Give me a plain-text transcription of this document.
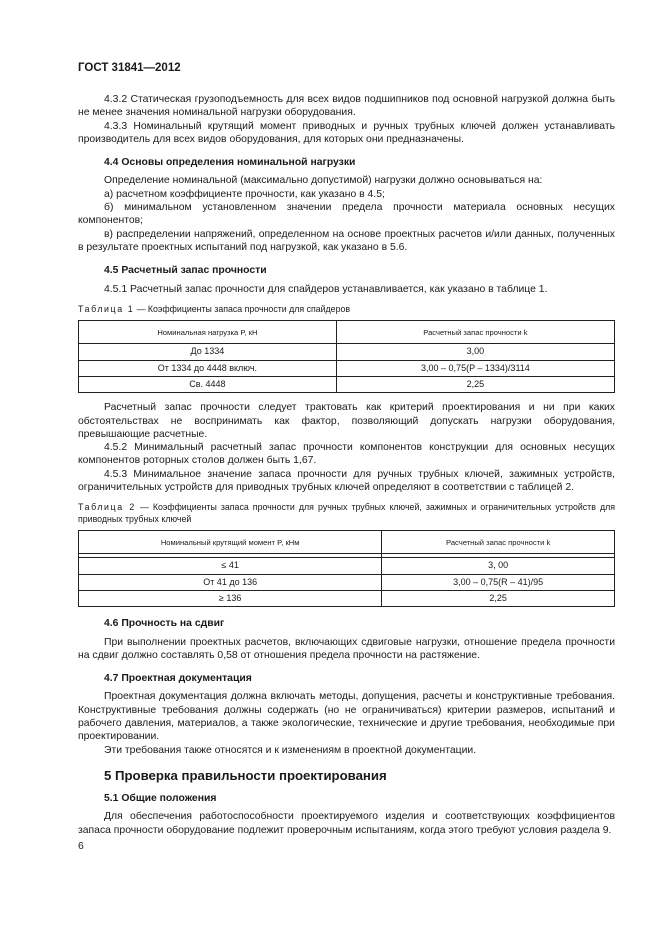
ГОСТ 31841—2012

4.3.2 Статическая грузоподъемность для всех видов подшипников под основной нагрузкой должна быть не менее значения номинальной нагрузки оборудования.

4.3.3 Номинальный крутящий момент приводных и ручных трубных ключей должен устанавливать производитель для всех видов оборудования, для которых они предназначены.

4.4 Основы определения номинальной нагрузки

Определение номинальной (максимально допустимой) нагрузки должно основываться на:

а) расчетном коэффициенте прочности, как указано в 4.5;

б) минимальном установленном значении предела прочности материала основных несущих компонентов;

в) распределении напряжений, определенном на основе проектных расчетов и/или данных, полученных в результате проектных испытаний под нагрузкой, как указано в 5.6.

4.5 Расчетный запас прочности

4.5.1 Расчетный запас прочности для спайдеров устанавливается, как указано в таблице 1.

Таблица 1 — Коэффициенты запаса прочности для спайдеров
Номинальная нагрузка P, кН	Расчетный запас прочности k
До 1334	3,00
От 1334 до 4448 включ.	3,00 – 0,75(P – 1334)/3114
Св. 4448	2,25

Расчетный запас прочности следует трактовать как критерий проектирования и ни при каких обстоятельствах не воспринимать как фактор, позволяющий допускать нагрузки оборудования, превышающие расчетные.

4.5.2 Минимальный расчетный запас прочности компонентов конструкции для основных несущих компонентов роторных столов должен быть 1,67.

4.5.3 Минимальное значение запаса прочности для ручных трубных ключей, зажимных устройств, ограничительных устройств для приводных трубных ключей определяют в соответствии с таблицей 2.

Таблица 2 — Коэффициенты запаса прочности для ручных трубных ключей, зажимных и ограничительных устройств для приводных трубных ключей
Номинальный крутящий момент P, кНм	Расчетный запас прочности k

≤ 41	3, 00
От 41 до 136	3,00 – 0,75(R – 41)/95
≥ 136	2,25
4.6 Прочность на сдвиг

При выполнении проектных расчетов, включающих сдвиговые нагрузки, отношение предела прочности на сдвиг должно составлять 0,58 от отношения предела прочности на растяжение.

4.7 Проектная документация

Проектная документация должна включать методы, допущения, расчеты и конструктивные требования. Конструктивные требования должны содержать (но не ограничиваться) критерии размеров, испытаний и рабочего давления, материалов, а также экологические, технические и другие требования, необходимые при проектировании.

Эти требования также относятся и к изменениям в проектной документации.

5 Проверка правильности проектирования
5.1 Общие положения

Для обеспечения работоспособности проектируемого изделия и соответствующих коэффициентов запаса прочности оборудование подлежит проверочным испытаниям, когда этого требуют условия раздела 9.

6
